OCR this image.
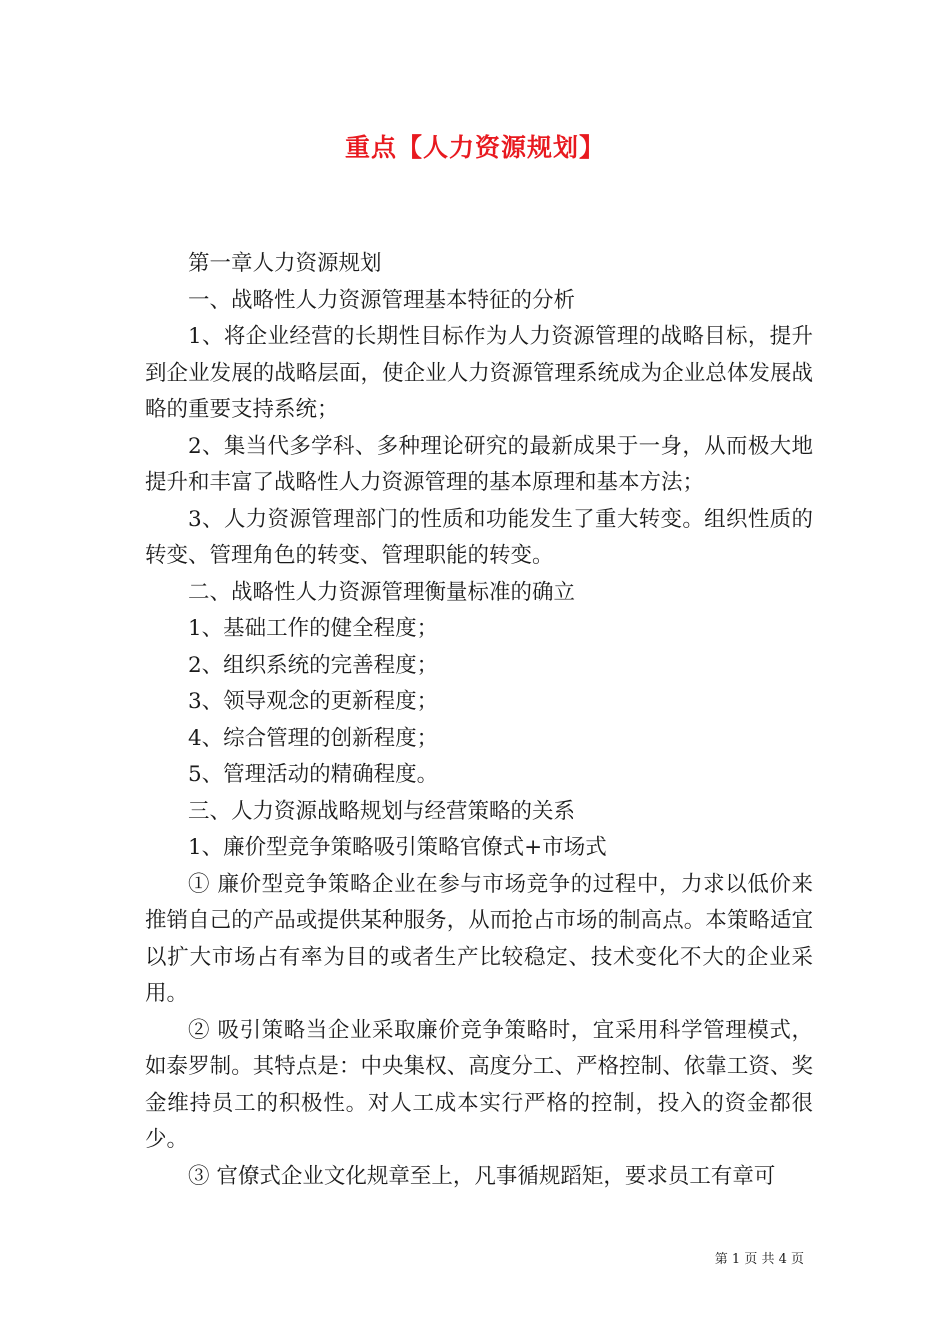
重点【人力资源规划】

第一章人力资源规划

一、战略性人力资源管理基本特征的分析

1、将企业经营的长期性目标作为人力资源管理的战略目标，提升到企业发展的战略层面，使企业人力资源管理系统成为企业总体发展战略的重要支持系统；

2、集当代多学科、多种理论研究的最新成果于一身，从而极大地提升和丰富了战略性人力资源管理的基本原理和基本方法；

3、人力资源管理部门的性质和功能发生了重大转变。组织性质的转变、管理角色的转变、管理职能的转变。

二、战略性人力资源管理衡量标准的确立

1、基础工作的健全程度；

2、组织系统的完善程度；

3、领导观念的更新程度；

4、综合管理的创新程度；

5、管理活动的精确程度。

三、人力资源战略规划与经营策略的关系

1、廉价型竞争策略吸引策略官僚式+市场式

① 廉价型竞争策略企业在参与市场竞争的过程中，力求以低价来推销自己的产品或提供某种服务，从而抢占市场的制高点。本策略适宜以扩大市场占有率为目的或者生产比较稳定、技术变化不大的企业采用。

② 吸引策略当企业采取廉价竞争策略时，宜采用科学管理模式，如泰罗制。其特点是：中央集权、高度分工、严格控制、依靠工资、奖金维持员工的积极性。对人工成本实行严格的控制，投入的资金都很少。

③ 官僚式企业文化规章至上，凡事循规蹈矩，要求员工有章可

第 1 页 共 4 页
